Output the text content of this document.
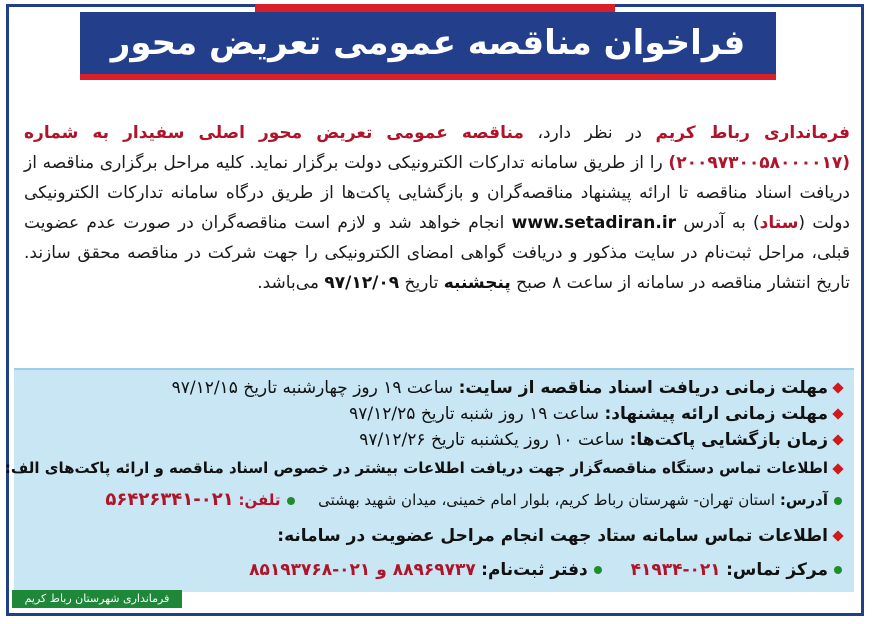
فراخوان مناقصه عمومی تعریض محور اصلی سفیدار
فرمانداری رباط کریم در نظر دارد، مناقصه عمومی تعریض محور اصلی سفیدار به شماره (۲۰۰۹۷۳۰۰۵۸۰۰۰۰۱۷) را از طریق سامانه تدارکات الکترونیکی دولت برگزار نماید. کلیه مراحل برگزاری مناقصه از دریافت اسناد مناقصه تا ارائه پیشنهاد مناقصه‌گران و بازگشایی پاکت‌ها از طریق درگاه سامانه تدارکات الکترونیکی دولت (ستاد) به آدرس www.setadiran.ir انجام خواهد شد و لازم است مناقصه‌گران در صورت عدم عضویت قبلی، مراحل ثبت‌نام در سایت مذکور و دریافت گواهی امضای الکترونیکی را جهت شرکت در مناقصه محقق سازند. تاریخ انتشار مناقصه در سامانه از ساعت ۸ صبح پنجشنبه تاریخ ۹۷/۱۲/۰۹ می‌باشد.
مهلت زمانی دریافت اسناد مناقصه از سایت: ساعت ۱۹ روز چهارشنبه تاریخ ۹۷/۱۲/۱۵
مهلت زمانی ارائه پیشنهاد: ساعت ۱۹ روز شنبه تاریخ ۹۷/۱۲/۲۵
زمان بازگشایی پاکت‌ها: ساعت ۱۰ روز یکشنبه تاریخ ۹۷/۱۲/۲۶
اطلاعات تماس دستگاه مناقصه‌گزار جهت دریافت اطلاعات بیشتر در خصوص اسناد مناقصه و ارائه پاکت‌های الف:
آدرس: استان تهران- شهرستان رباط کریم، بلوار امام خمینی، میدان شهید بهشتی  تلفن: ۰۲۱-۵۶۴۲۶۳۴۱
اطلاعات تماس سامانه ستاد جهت انجام مراحل عضویت در سامانه:
مرکز تماس: ۰۲۱-۴۱۹۳۴  دفتر ثبت‌نام: ۸۸۹۶۹۷۳۷ و ۰۲۱-۸۵۱۹۳۷۶۸
فرمانداری شهرستان رباط کریم
